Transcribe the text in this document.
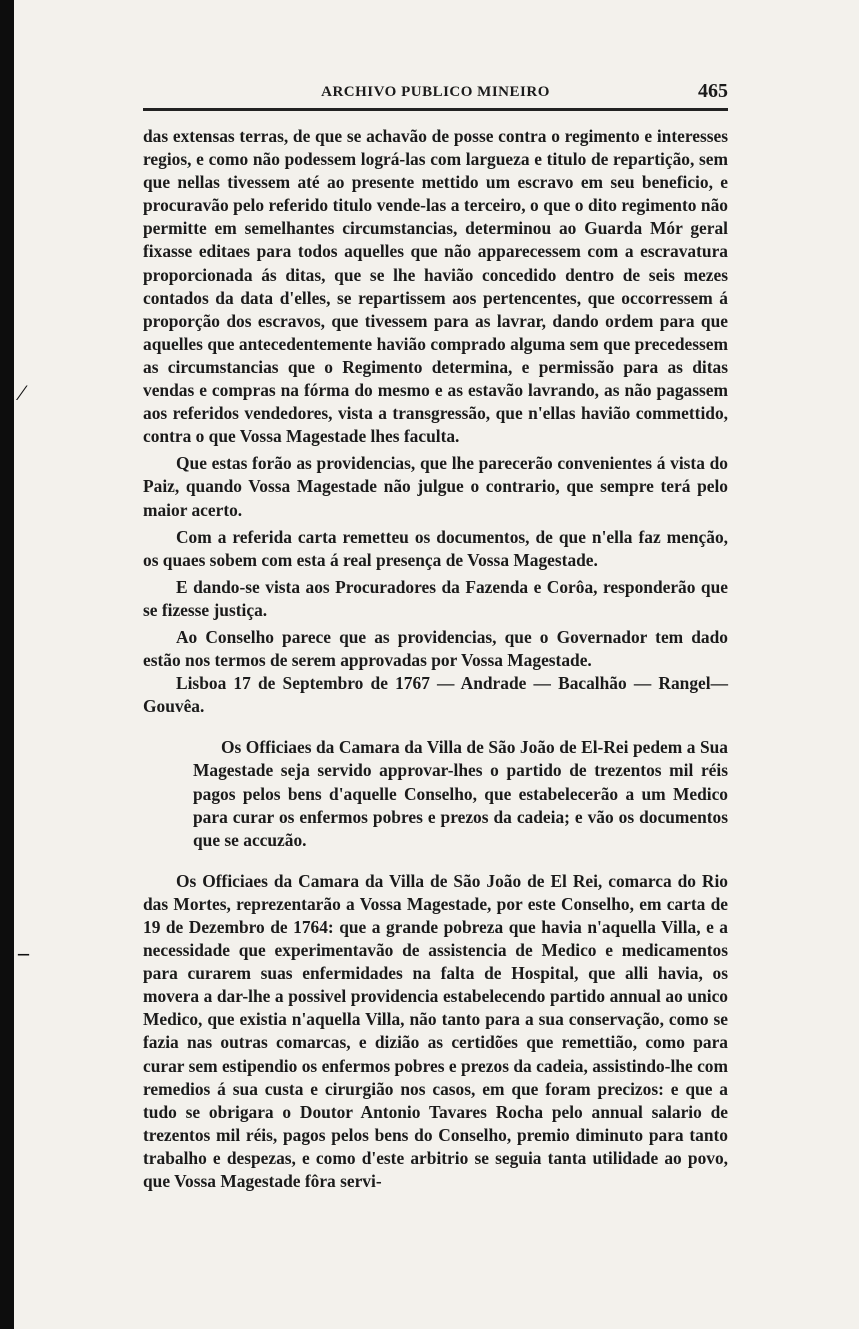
⁄
–
ARCHIVO PUBLICO MINEIRO	465

das extensas terras, de que se achavão de posse contra o regimento e interesses regios, e como não podessem lográ-las com largueza e titulo de repartição, sem que nellas tivessem até ao presente mettido um escravo em seu beneficio, e procuravão pelo referido titulo vende-las a terceiro, o que o dito regimento não permitte em semelhantes circumstancias, determinou ao Guarda Mór geral fixasse editaes para todos aquelles que não apparecessem com a escravatura proporcionada ás ditas, que se lhe havião concedido dentro de seis mezes contados da data d'elles, se repartissem aos pertencentes, que occorressem á proporção dos escravos, que tivessem para as lavrar, dando ordem para que aquelles que antecedentemente havião comprado alguma sem que precedessem as circumstancias que o Regimento determina, e permissão para as ditas vendas e compras na fórma do mesmo e as estavão lavrando, as não pagassem aos referidos vendedores, vista a transgressão, que n'ellas havião commettido, contra o que Vossa Magestade lhes faculta.

Que estas forão as providencias, que lhe parecerão convenientes á vista do Paiz, quando Vossa Magestade não julgue o contrario, que sempre terá pelo maior acerto.

Com a referida carta remetteu os documentos, de que n'ella faz menção, os quaes sobem com esta á real presença de Vossa Magestade.

E dando-se vista aos Procuradores da Fazenda e Corôa, responderão que se fizesse justiça.

Ao Conselho parece que as providencias, que o Governador tem dado estão nos termos de serem approvadas por Vossa Magestade.

Lisboa 17 de Septembro de 1767 — Andrade — Bacalhão — Rangel— Gouvêa.

Os Officiaes da Camara da Villa de São João de El-Rei pedem a Sua Magestade seja servido approvar-lhes o partido de trezentos mil réis pagos pelos bens d'aquelle Conselho, que estabelecerão a um Medico para curar os enfermos pobres e prezos da cadeia; e vão os documentos que se accuzão.

Os Officiaes da Camara da Villa de São João de El Rei, comarca do Rio das Mortes, reprezentarão a Vossa Magestade, por este Conselho, em carta de 19 de Dezembro de 1764: que a grande pobreza que havia n'aquella Villa, e a necessidade que experimentavão de assistencia de Medico e medicamentos para curarem suas enfermidades na falta de Hospital, que alli havia, os movera a dar-lhe a possivel providencia estabelecendo partido annual ao unico Medico, que existia n'aquella Villa, não tanto para a sua conservação, como se fazia nas outras comarcas, e dizião as certidões que remettião, como para curar sem estipendio os enfermos pobres e prezos da cadeia, assistindo-lhe com remedios á sua custa e cirurgião nos casos, em que foram precizos: e que a tudo se obrigara o Doutor Antonio Tavares Rocha pelo annual salario de trezentos mil réis, pagos pelos bens do Conselho, premio diminuto para tanto trabalho e despezas, e como d'este arbitrio se seguia tanta utilidade ao povo, que Vossa Magestade fôra servi-
